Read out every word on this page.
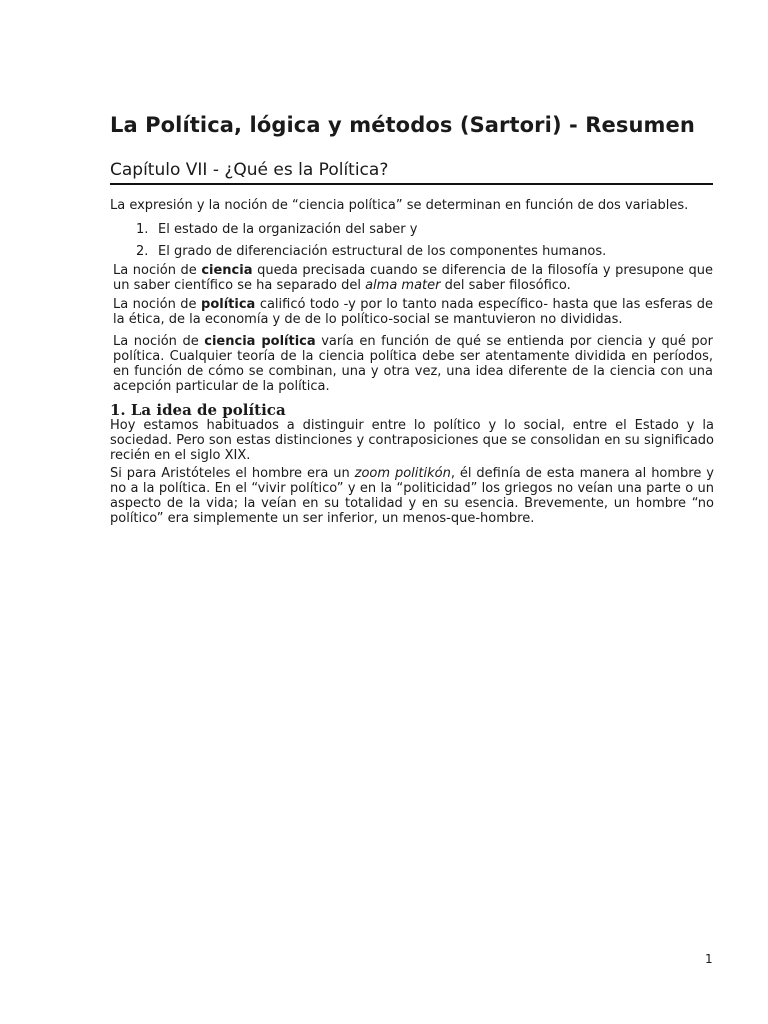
La Política, lógica y métodos (Sartori) - Resumen
Capítulo VII - ¿Qué es la Política?

La expresión y la noción de “ciencia política” se determinan en función de dos variables.

1. El estado de la organización del saber y
2. El grado de diferenciación estructural de los componentes humanos.

La noción de ciencia queda precisada cuando se diferencia de la filosofía y presupone que un saber científico se ha separado del alma mater del saber filosófico.

La noción de política calificó todo -y por lo tanto nada específico- hasta que las esferas de la ética, de la economía y de de lo político-social se mantuvieron no divididas.

La noción de ciencia política varía en función de qué se entienda por ciencia y qué por política. Cualquier teoría de la ciencia política debe ser atentamente dividida en períodos, en función de cómo se combinan, una y otra vez, una idea diferente de la ciencia con una acepción particular de la política.

1. La idea de política

Hoy estamos habituados a distinguir entre lo político y lo social, entre el Estado y la sociedad. Pero son estas distinciones y contraposiciones que se consolidan en su significado recién en el siglo XIX.

Si para Aristóteles el hombre era un zoom politikón, él definía de esta manera al hombre y no a la política. En el “vivir político” y en la “politicidad” los griegos no veían una parte o un aspecto de la vida; la veían en su totalidad y en su esencia. Brevemente, un hombre “no político” era simplemente un ser inferior, un menos-que-hombre.

1
